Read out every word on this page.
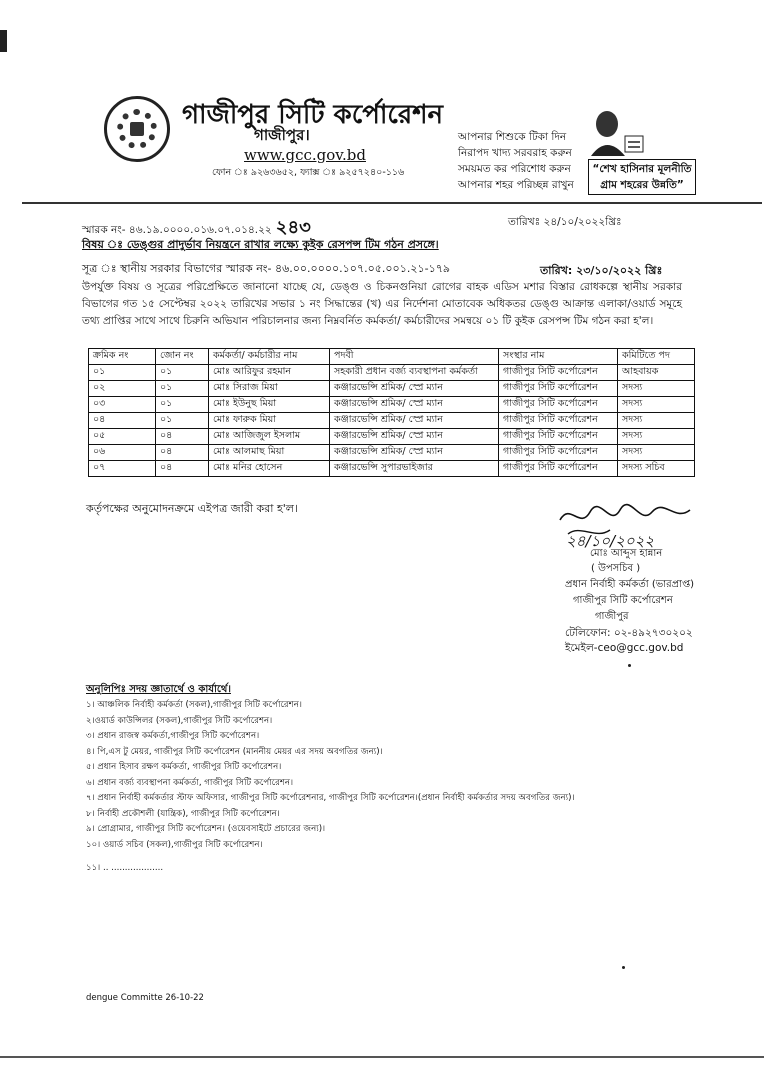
গাজীপুর সিটি কর্পোরেশন
গাজীপুর।
www.gcc.gov.bd
ফোন ঃ ৯২৬৩৬৫২, ফ্যাক্স ঃ ৯২৫৭২৪০-১১৬
আপনার শিশুকে টিকা দিন
নিরাপদ খাদ্য সরবরাহ করুন
সময়মত কর পরিশোধ করুন
আপনার শহর পরিচ্ছন্ন রাখুন
“শেখ হাসিনার মূলনীতি
গ্রাম শহরের উন্নতি”
স্মারক নং- ৪৬.১৯.০০০০.০১৬.০৭.০১৪.২২ ২৪৩	তারিখঃ ২৪/১০/২০২২খ্রিঃ
বিষয় ঃ ডেঙ্গুর প্রাদুর্ভাব নিয়ন্ত্রনে রাখার লক্ষ্যে কুইক রেসপন্স টিম গঠন প্রসঙ্গে।
সূত্র ঃ স্থানীয় সরকার বিভাগের স্মারক নং- ৪৬.০০.০০০০.১০৭.০৫.০০১.২১-১৭৯	তারিখ: ২৩/১০/২০২২ খ্রিঃ
উপর্যুক্ত বিষয় ও সূত্রের পরিপ্রেক্ষিতে জানানো যাচ্ছে যে, ডেঙ্গু ও চিকনগুনিয়া রোগের বাহক এডিস মশার বিস্তার রোধকল্পে স্থানীয় সরকার বিভাগের গত ১৫ সেপ্টেম্বর ২০২২ তারিখের সভার ১ নং সিদ্ধান্তের (খ) এর নির্দেশনা মোতাবেক অধিকতর ডেঙ্গু আক্রান্ত এলাকা/ওয়ার্ড সমূহে তথ্য প্রাপ্তির সাথে সাথে চিরুনি অভিযান পরিচালনার জন্য নিম্নবর্নিত কর্মকর্তা/ কর্মচারীদের সমন্বয়ে ০১ টি কুইক রেসপন্স টিম গঠন করা হ'ল।
ক্রমিক নং	জোন নং	কর্মকর্তা/ কর্মচারীর নাম	পদবী	সংস্থার নাম	কমিটিতে পদ
০১	০১	মোঃ আরিফুর রহমান	সহকারী প্রধান বর্জ্য ব্যবস্থাপনা কর্মকর্তা	গাজীপুর সিটি কর্পোরেশন	আহবায়ক
০২	০১	মোঃ সিরাজ মিয়া	কঞ্জারভেন্সি শ্রমিক/ স্প্রে ম্যান	গাজীপুর সিটি কর্পোরেশন	সদস্য
০৩	০১	মোঃ ইউনুছ মিয়া	কঞ্জারভেন্সি শ্রমিক/ স্প্রে ম্যান	গাজীপুর সিটি কর্পোরেশন	সদস্য
০৪	০১	মোঃ ফারুক মিয়া	কঞ্জারভেন্সি শ্রমিক/ স্প্রে ম্যান	গাজীপুর সিটি কর্পোরেশন	সদস্য
০৫	০৪	মোঃ আজিজুল ইসলাম	কঞ্জারভেন্সি শ্রমিক/ স্প্রে ম্যান	গাজীপুর সিটি কর্পোরেশন	সদস্য
০৬	০৪	মোঃ আলমাছ মিয়া	কঞ্জারভেন্সি শ্রমিক/ স্প্রে ম্যান	গাজীপুর সিটি কর্পোরেশন	সদস্য
০৭	০৪	মোঃ মনির হোসেন	কঞ্জারভেন্সি সুপারভাইজার	গাজীপুর সিটি কর্পোরেশন	সদস্য সচিব
কর্তৃপক্ষের অনুমোদনক্রমে এইপত্র জারী করা হ'ল।
২৪/১০/২০২২
মোঃ আব্দুস হান্নান
( উপসচিব )
প্রধান নির্বাহী কর্মকর্তা (ভারপ্রাপ্ত)
গাজীপুর সিটি কর্পোরেশন
গাজীপুর
টেলিফোন: ০২-৪৯২৭৩০২০২
ইমেইল-ceo@gcc.gov.bd
অনুলিপিঃ সদয় জ্ঞাতার্থে ও কার্যার্থে।
১। আঞ্চলিক নির্বাহী কর্মকর্তা (সকল),গাজীপুর সিটি কর্পোরেশন।
২।ওয়ার্ড কাউন্সিলর (সকল),গাজীপুর সিটি কর্পোরেশন।
৩। প্রধান রাজস্ব কর্মকর্তা,গাজীপুর সিটি কর্পোরেশন।
৪। পি,এস টু মেয়র, গাজীপুর সিটি কর্পোরেশন (মাননীয় মেয়র এর সদয় অবগতির জন্য)।
৫। প্রধান হিসাব রক্ষণ কর্মকর্তা, গাজীপুর সিটি কর্পোরেশন।
৬। প্রধান বর্জ্য ব্যবস্থাপনা কর্মকর্তা, গাজীপুর সিটি কর্পোরেশন।
৭। প্রধান নির্বাহী কর্মকর্তার স্টাফ অফিসার, গাজীপুর সিটি কর্পোরেশনার, গাজীপুর সিটি কর্পোরেশন।(প্রধান নির্বাহী কর্মকর্তার সদয় অবগতির জন্য)।
৮। নির্বাহী প্রকৌশলী (যান্ত্রিক), গাজীপুর সিটি কর্পোরেশন।
৯। প্রোগ্রামার, গাজীপুর সিটি কর্পোরেশন। (ওয়েবসাইটে প্রচারের জন্য)।
১০। ওয়ার্ড সচিব (সকল),গাজীপুর সিটি কর্পোরেশন।
১১। .. ...................
dengue Committe 26-10-22
